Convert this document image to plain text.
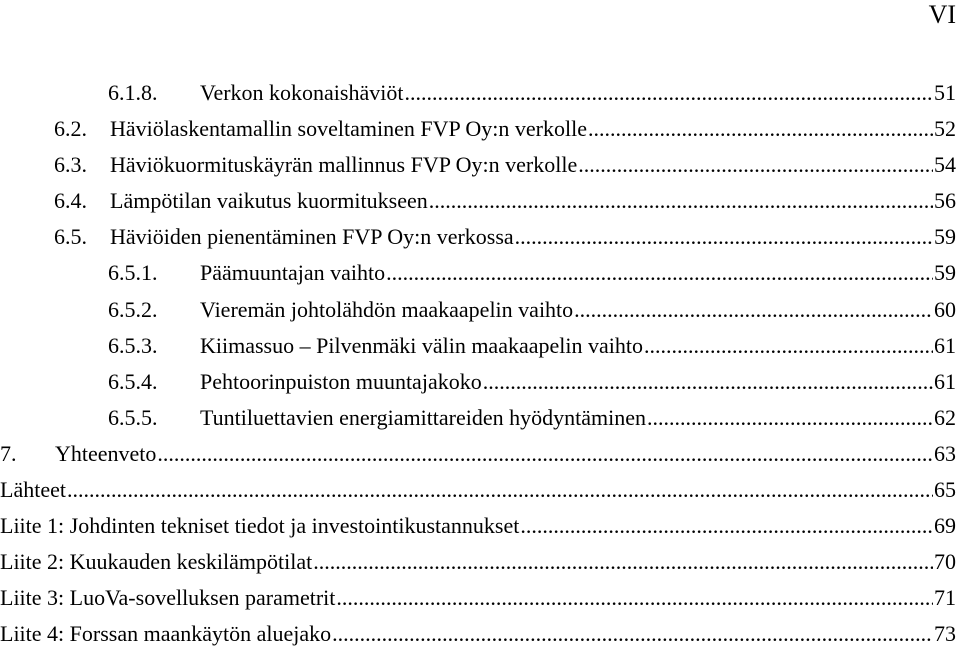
VI
6.1.8.	Verkon kokonaishäviöt .....	51
6.2.	Häviölaskentamallin soveltaminen FVP Oy:n verkolle .....	52
6.3.	Häviökuormituskäyrän mallinnus FVP Oy:n verkolle .....	54
6.4.	Lämpötilan vaikutus kuormitukseen .....	56
6.5.	Häviöiden pienentäminen FVP Oy:n verkossa .....	59
6.5.1.	Päämuuntajan vaihto .....	59
6.5.2.	Vieremän johtolähdön maakaapelin vaihto .....	60
6.5.3.	Kiimassuo – Pilvenmäki välin maakaapelin vaihto .....	61
6.5.4.	Pehtoorinpuiston muuntajakoko .....	61
6.5.5.	Tuntiluettavien energiamittareiden hyödyntäminen .....	62
7.	Yhteenveto .....	63
Lähteet .....	65
Liite 1: Johdinten tekniset tiedot ja investointikustannukset .....	69
Liite 2: Kuukauden keskilämpötilat .....	70
Liite 3: LuoVa-sovelluksen parametrit .....	71
Liite 4: Forssan maankäytön aluejako .....	73
